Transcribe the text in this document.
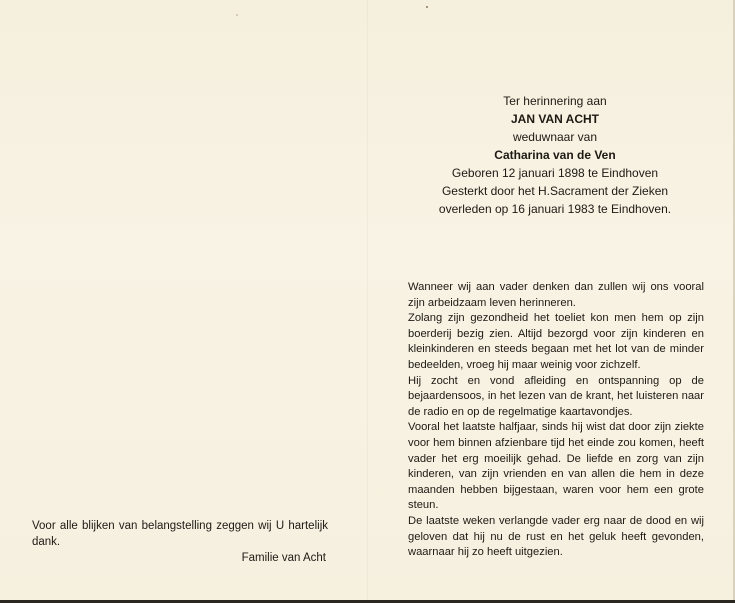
Ter herinnering aan
JAN VAN ACHT
weduwnaar van
Catharina van de Ven
Geboren 12 januari 1898 te Eindhoven
Gesterkt door het H.Sacrament der Zieken
overleden op 16 januari 1983 te Eindhoven.

Wanneer wij aan vader denken dan zullen wij ons vooral zijn arbeidzaam leven herinneren.

Zolang zijn gezondheid het toeliet kon men hem op zijn boerderij bezig zien. Altijd bezorgd voor zijn kinderen en kleinkinderen en steeds begaan met het lot van de minder bedeelden, vroeg hij maar weinig voor zichzelf.

Hij zocht en vond afleiding en ontspanning op de bejaardensoos, in het lezen van de krant, het luisteren naar de radio en op de regelmatige kaartavondjes.

Vooral het laatste halfjaar, sinds hij wist dat door zijn ziekte voor hem binnen afzienbare tijd het einde zou komen, heeft vader het erg moeilijk gehad. De liefde en zorg van zijn kinderen, van zijn vrienden en van allen die hem in deze maanden hebben bijgestaan, waren voor hem een grote steun.

De laatste weken verlangde vader erg naar de dood en wij geloven dat hij nu de rust en het geluk heeft gevonden, waarnaar hij zo heeft uitgezien.

Voor alle blijken van belangstelling zeggen wij U hartelijk dank.

Familie van Acht
